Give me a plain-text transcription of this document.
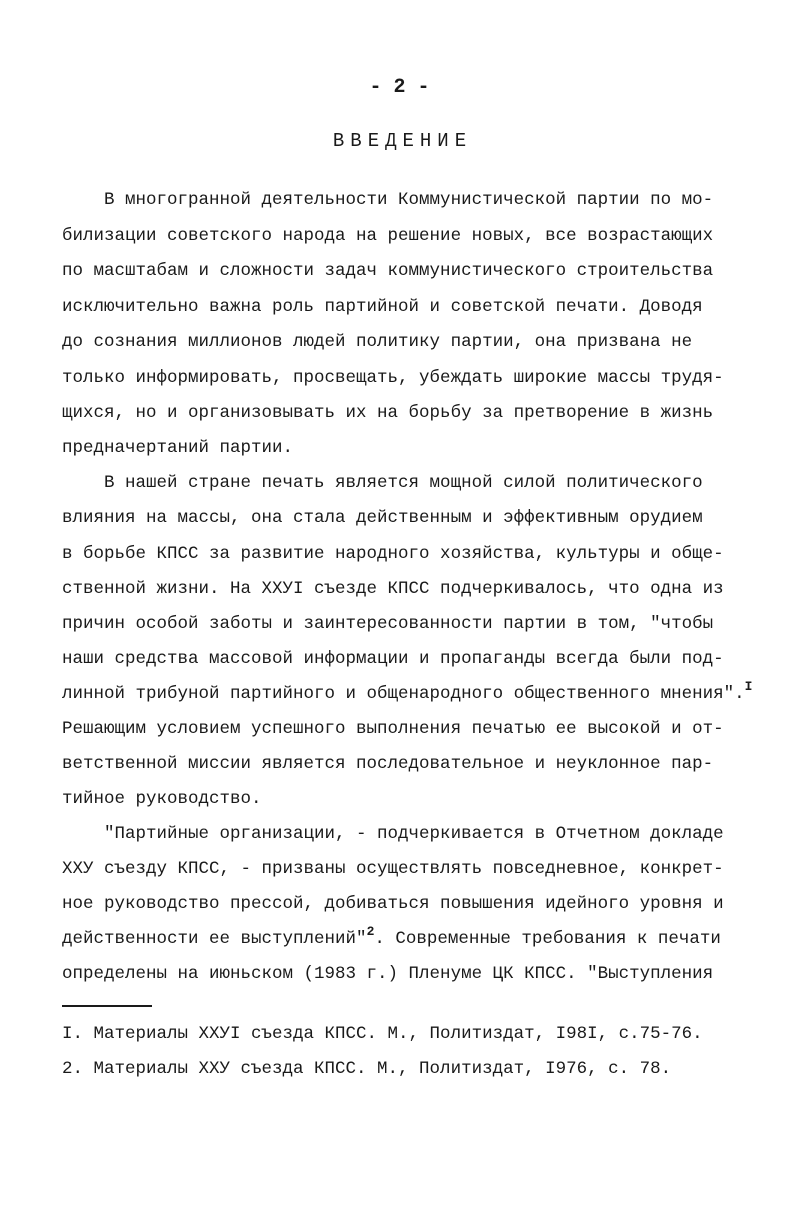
- 2 -
ВВЕДЕНИЕ
В многогранной деятельности Коммунистической партии по мо-
билизации советского народа на решение новых, все возрастающих
по масштабам и сложности задач коммунистического строительства
исключительно важна роль партийной и советской печати. Доводя
до сознания миллионов людей политику партии, она призвана не
только информировать, просвещать, убеждать широкие массы трудя-
щихся, но и организовывать их на борьбу за претворение в жизнь
предначертаний партии.
В нашей стране печать является мощной силой политического
влияния на массы, она стала действенным и эффективным орудием
в борьбе КПСС за развитие народного хозяйства, культуры и обще-
ственной жизни. На ХХУI съезде КПСС подчеркивалось, что одна из
причин особой заботы и заинтересованности партии в том, "чтобы
наши средства массовой информации и пропаганды всегда были под-
линной трибуной партийного и общенародного общественного мнения".$^I$
Решающим условием успешного выполнения печатью ее высокой и от-
ветственной миссии является последовательное и неуклонное пар-
тийное руководство.
"Партийные организации, - подчеркивается в Отчетном докладе
ХХУ съезду КПСС, - призваны осуществлять повседневное, конкрет-
ное руководство прессой, добиваться повышения идейного уровня и
действенности ее выступлений"$^2$. Современные требования к печати
определены на июньском (1983 г.) Пленуме ЦК КПСС. "Выступления
I. Материалы ХХУI съезда КПСС. М., Политиздат, I98I, с.75-76.
2. Материалы ХХУ съезда КПСС. М., Политиздат, I976, с. 78.
